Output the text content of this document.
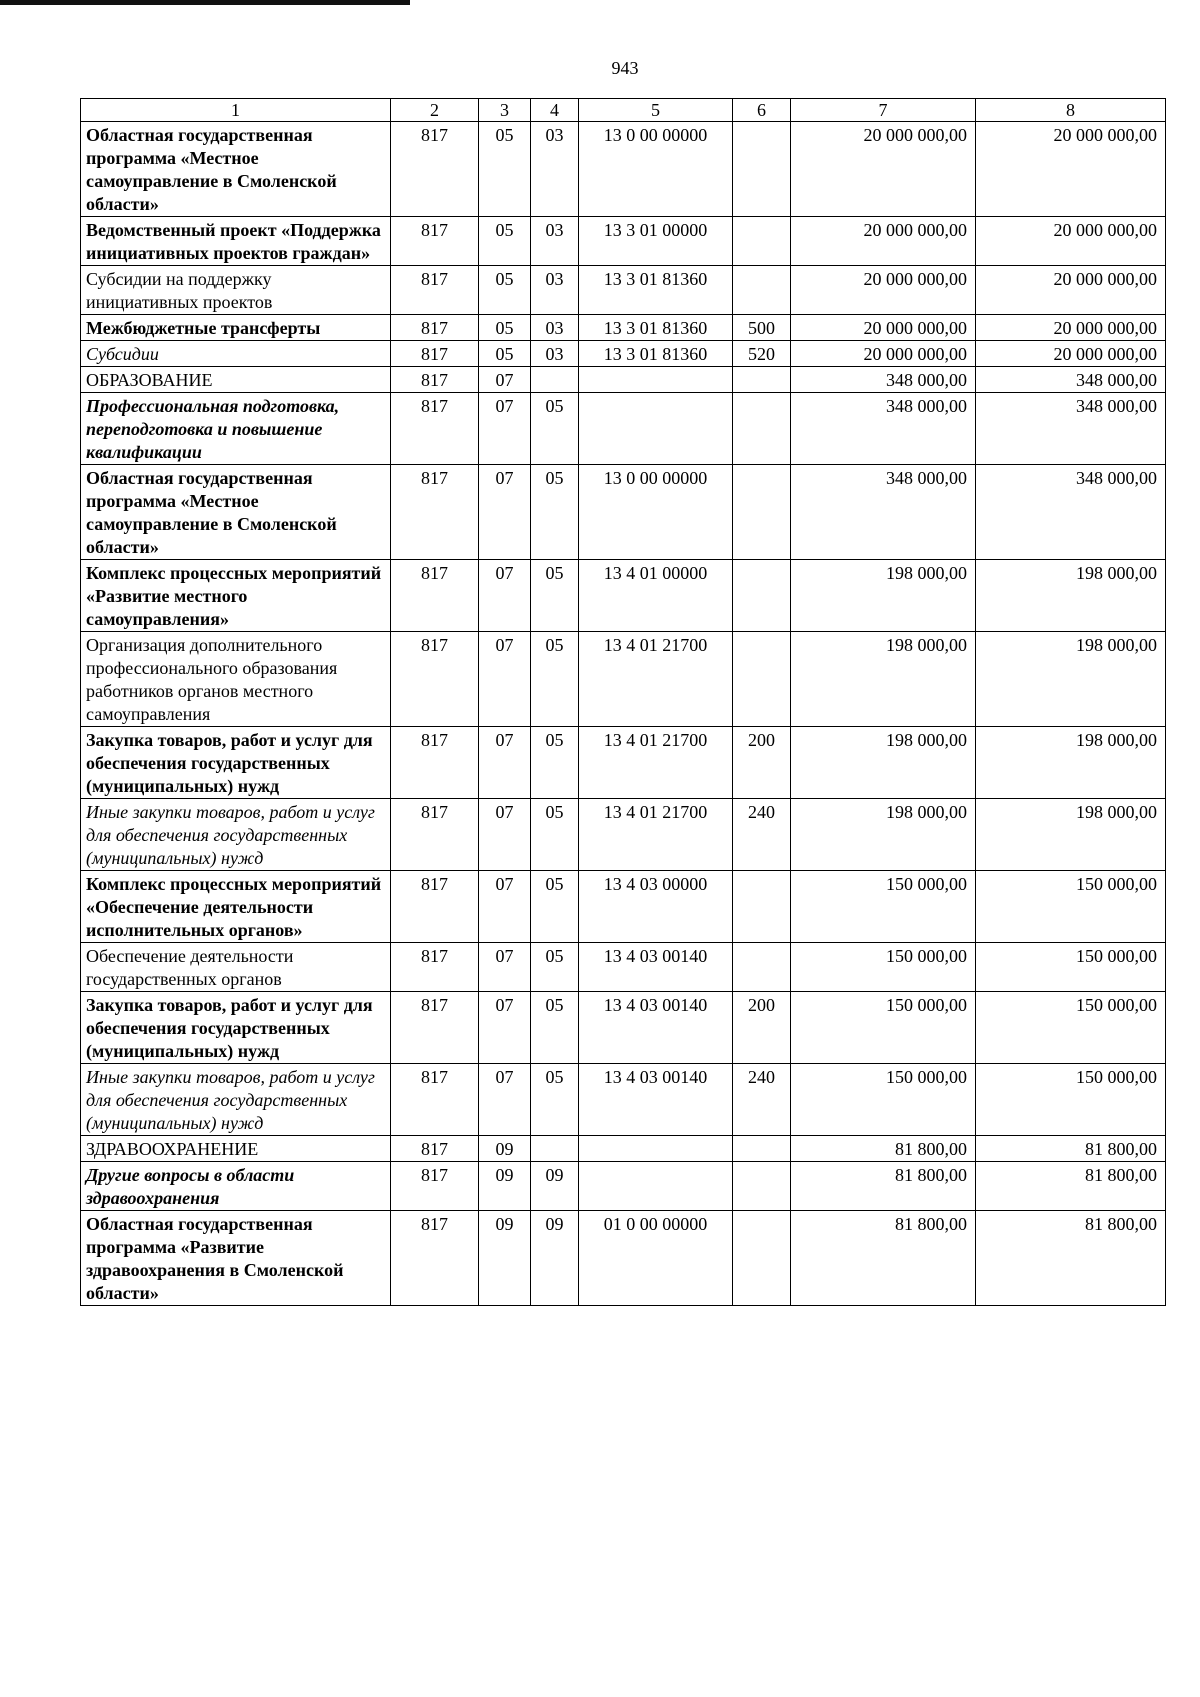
943
1	2	3	4	5	6	7	8
Областная государственная программа «Местное самоуправление в Смоленской области»	817	05	03	13 0 00 00000		20 000 000,00	20 000 000,00
Ведомственный проект «Поддержка инициативных проектов граждан»	817	05	03	13 3 01 00000		20 000 000,00	20 000 000,00
Субсидии на поддержку инициативных проектов	817	05	03	13 3 01 81360		20 000 000,00	20 000 000,00
Межбюджетные трансферты	817	05	03	13 3 01 81360	500	20 000 000,00	20 000 000,00
Субсидии	817	05	03	13 3 01 81360	520	20 000 000,00	20 000 000,00
ОБРАЗОВАНИЕ	817	07				348 000,00	348 000,00
Профессиональная подготовка, переподготовка и повышение квалификации	817	07	05			348 000,00	348 000,00
Областная государственная программа «Местное самоуправление в Смоленской области»	817	07	05	13 0 00 00000		348 000,00	348 000,00
Комплекс процессных мероприятий «Развитие местного самоуправления»	817	07	05	13 4 01 00000		198 000,00	198 000,00
Организация дополнительного профессионального образования работников органов местного самоуправления	817	07	05	13 4 01 21700		198 000,00	198 000,00
Закупка товаров, работ и услуг для обеспечения государственных (муниципальных) нужд	817	07	05	13 4 01 21700	200	198 000,00	198 000,00
Иные закупки товаров, работ и услуг для обеспечения государственных (муниципальных) нужд	817	07	05	13 4 01 21700	240	198 000,00	198 000,00
Комплекс процессных мероприятий «Обеспечение деятельности исполнительных органов»	817	07	05	13 4 03 00000		150 000,00	150 000,00
Обеспечение деятельности государственных органов	817	07	05	13 4 03 00140		150 000,00	150 000,00
Закупка товаров, работ и услуг для обеспечения государственных (муниципальных) нужд	817	07	05	13 4 03 00140	200	150 000,00	150 000,00
Иные закупки товаров, работ и услуг для обеспечения государственных (муниципальных) нужд	817	07	05	13 4 03 00140	240	150 000,00	150 000,00
ЗДРАВООХРАНЕНИЕ	817	09				81 800,00	81 800,00
Другие вопросы в области здравоохранения	817	09	09			81 800,00	81 800,00
Областная государственная программа «Развитие здравоохранения в Смоленской области»	817	09	09	01 0 00 00000		81 800,00	81 800,00
